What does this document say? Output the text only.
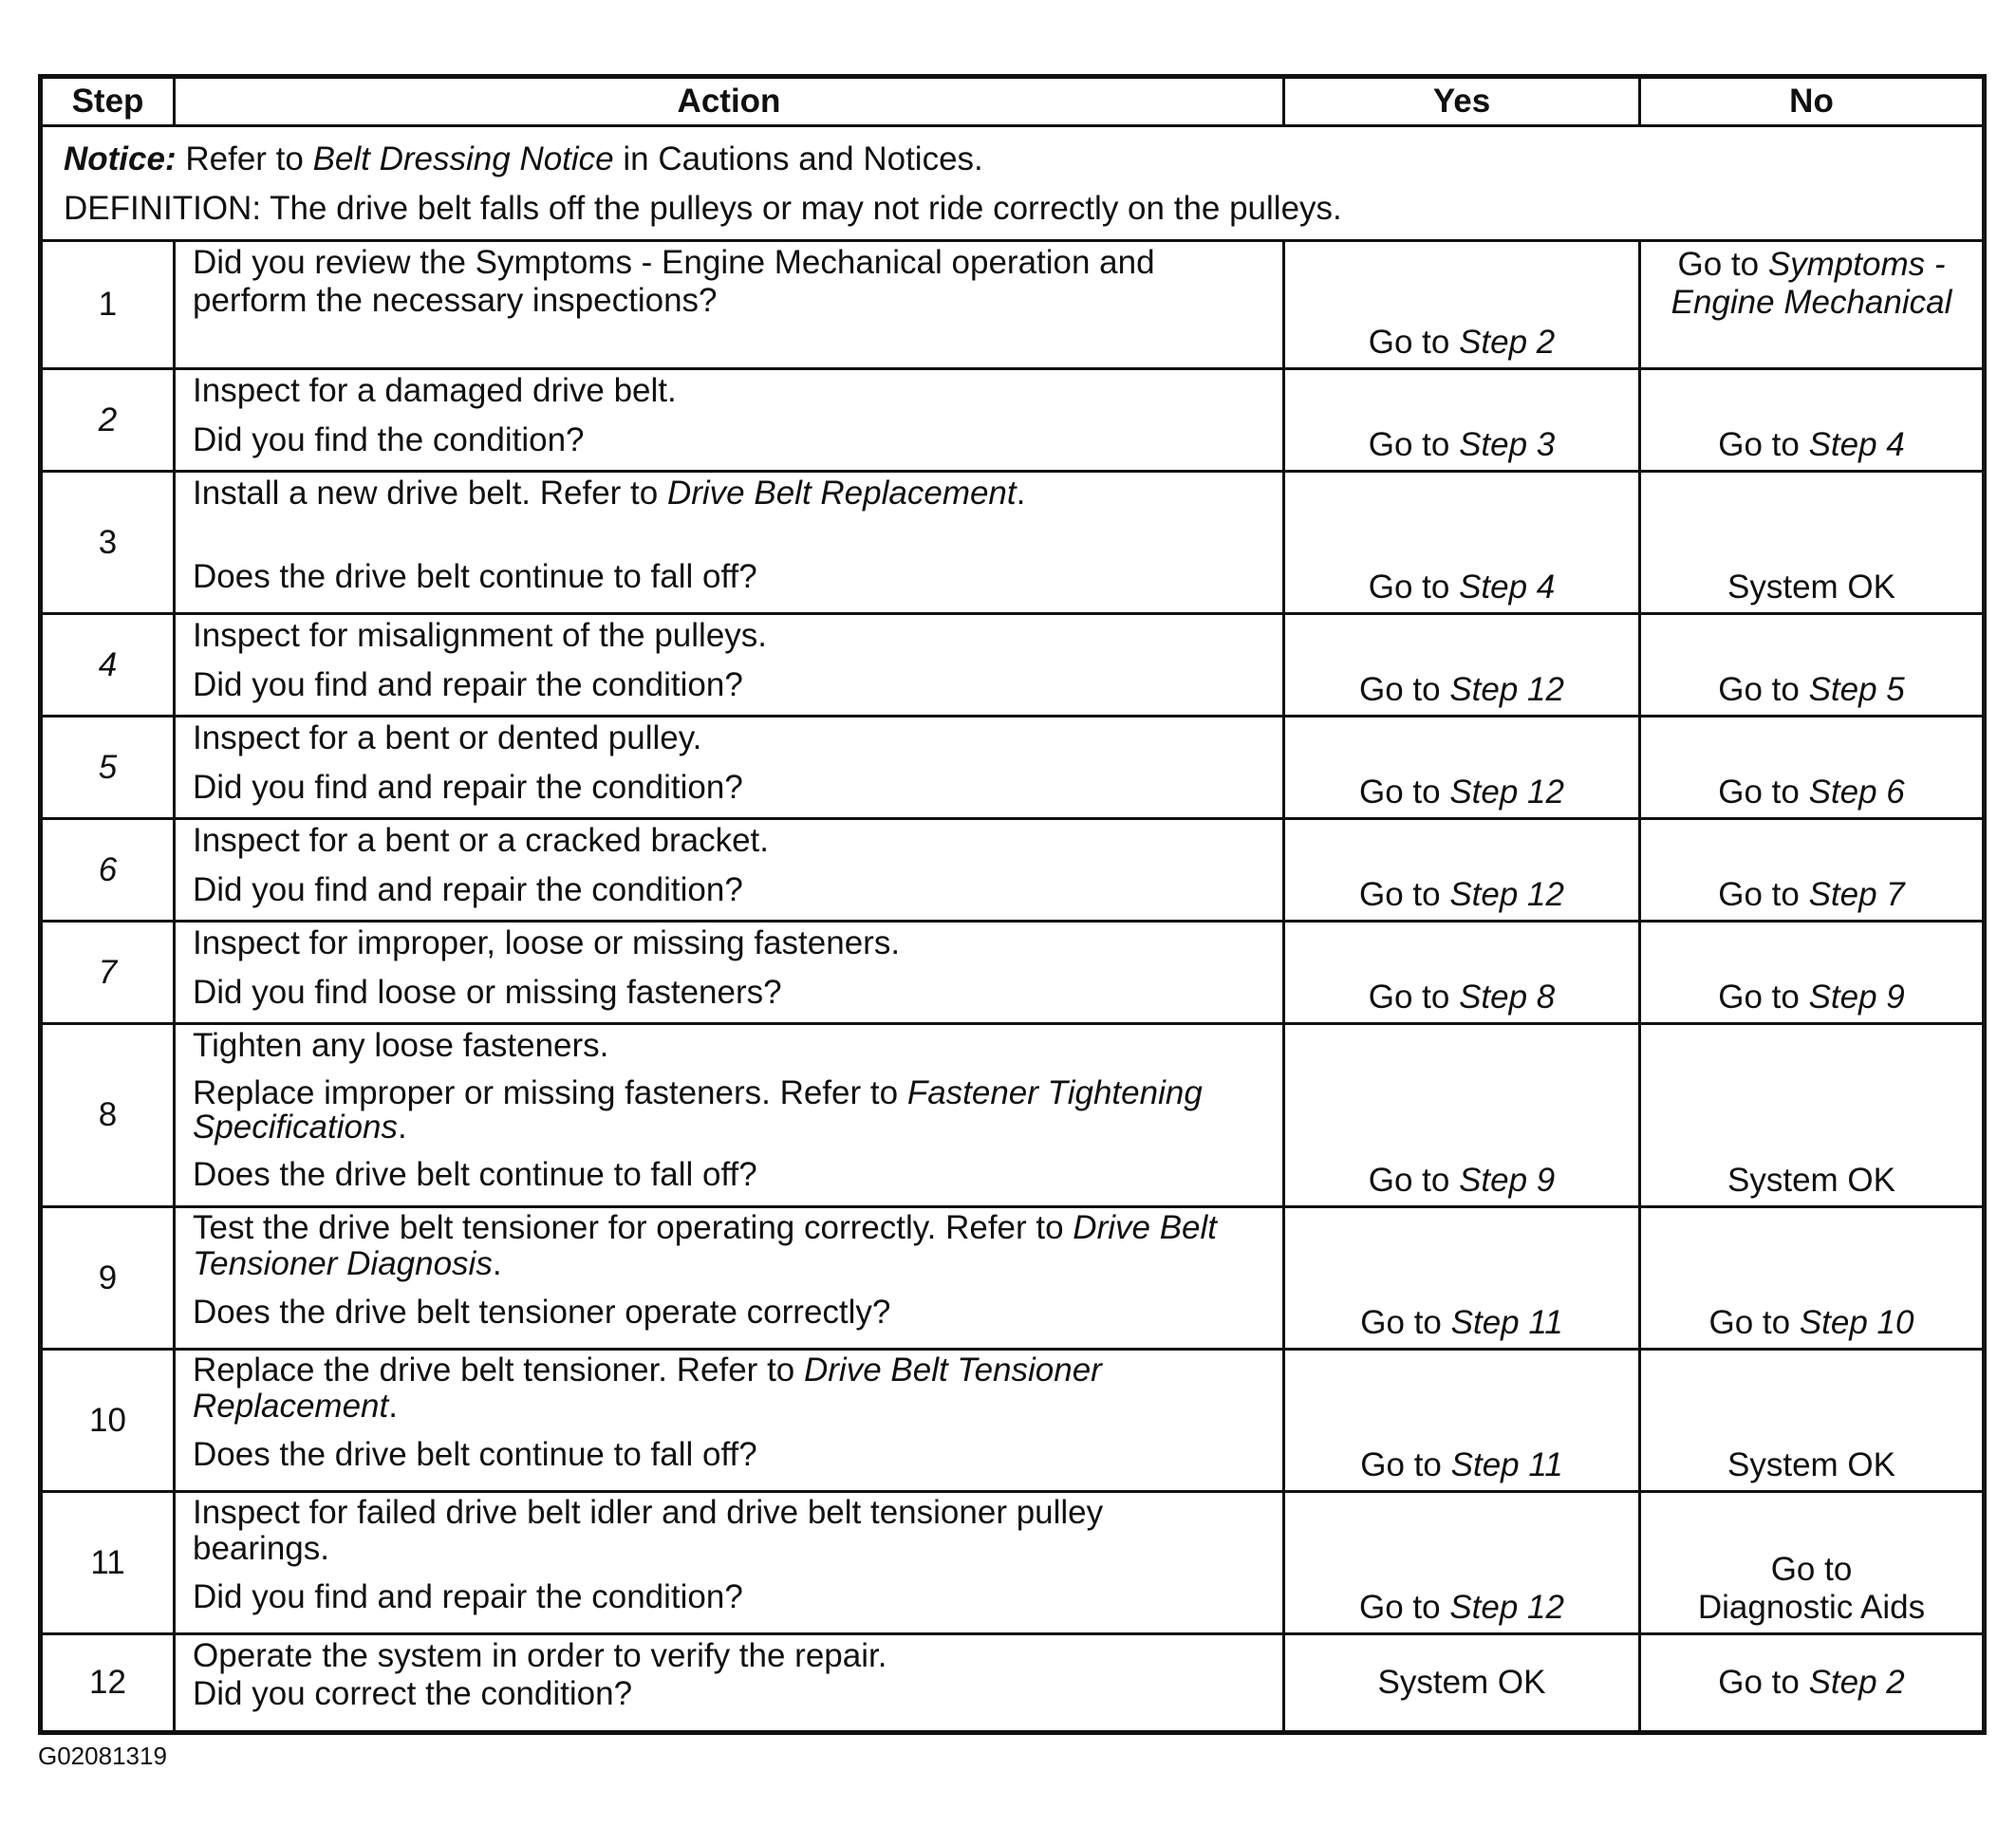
Step	Action	Yes	No

Notice: Refer to Belt Dressing Notice in Cautions and Notices.
DEFINITION: The drive belt falls off the pulleys or may not ride correctly on the pulleys.			

1	Did you review the Symptoms - Engine Mechanical operation and
perform the necessary inspections?	Go to Step 2	Go to Symptoms -
Engine Mechanical
2	Inspect for a damaged drive belt.
Did you find the condition?	Go to Step 3	Go to Step 4
3	Install a new drive belt. Refer to Drive Belt Replacement.
Does the drive belt continue to fall off?	Go to Step 4	System OK
4	Inspect for misalignment of the pulleys.
Did you find and repair the condition?	Go to Step 12	Go to Step 5
5	Inspect for a bent or dented pulley.
Did you find and repair the condition?	Go to Step 12	Go to Step 6
6	Inspect for a bent or a cracked bracket.
Did you find and repair the condition?	Go to Step 12	Go to Step 7
7	Inspect for improper, loose or missing fasteners.
Did you find loose or missing fasteners?	Go to Step 8	Go to Step 9
8	Tighten any loose fasteners.
Replace improper or missing fasteners. Refer to Fastener Tightening
Specifications.
Does the drive belt continue to fall off?	Go to Step 9	System OK
9	Test the drive belt tensioner for operating correctly. Refer to Drive Belt
Tensioner Diagnosis.
Does the drive belt tensioner operate correctly?	Go to Step 11	Go to Step 10
10	Replace the drive belt tensioner. Refer to Drive Belt Tensioner
Replacement.
Does the drive belt continue to fall off?	Go to Step 11	System OK
11	Inspect for failed drive belt idler and drive belt tensioner pulley
bearings.
Did you find and repair the condition?	Go to Step 12	Go to
Diagnostic Aids
12	Operate the system in order to verify the repair.
Did you correct the condition?	System OK	Go to Step 2
G02081319
